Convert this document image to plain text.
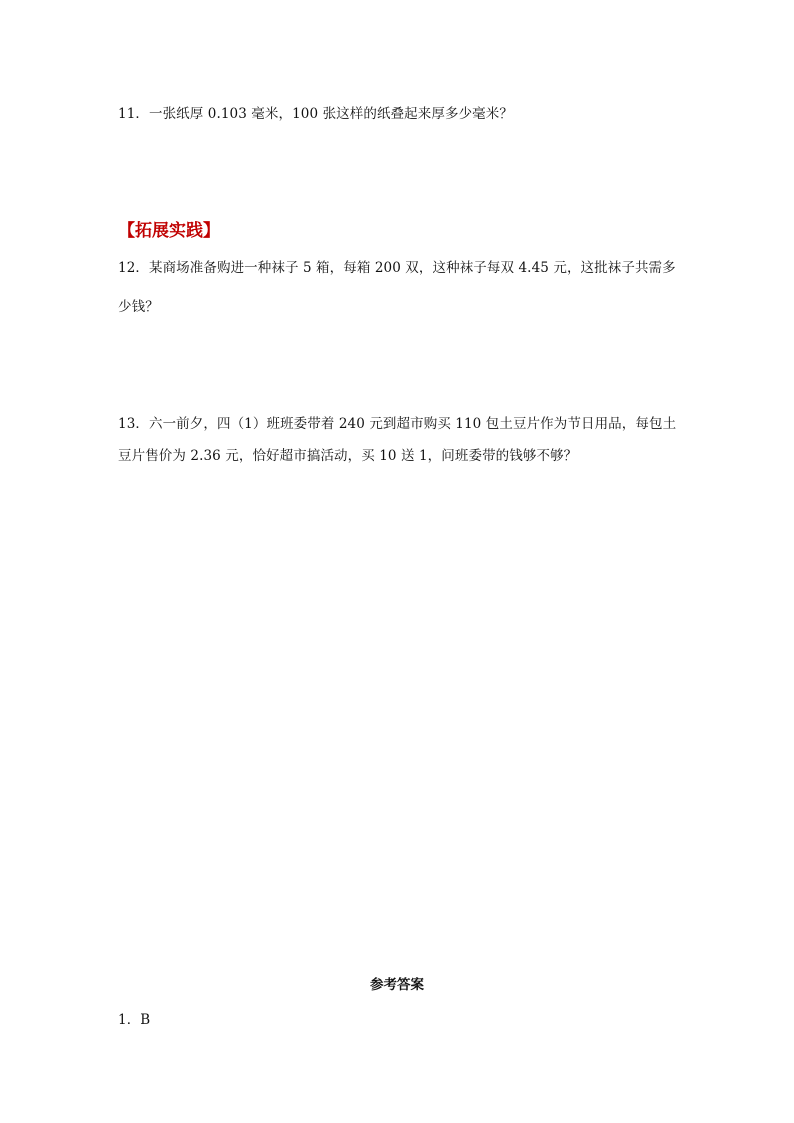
11．一张纸厚 0.103 毫米，100 张这样的纸叠起来厚多少毫米？
【拓展实践】
12．某商场准备购进一种袜子 5 箱，每箱 200 双，这种袜子每双 4.45 元，这批袜子共需多
少钱？
13．六一前夕，四（1）班班委带着 240 元到超市购买 110 包土豆片作为节日用品，每包土
豆片售价为 2.36 元，恰好超市搞活动，买 10 送 1，问班委带的钱够不够？
参考答案
1．B
